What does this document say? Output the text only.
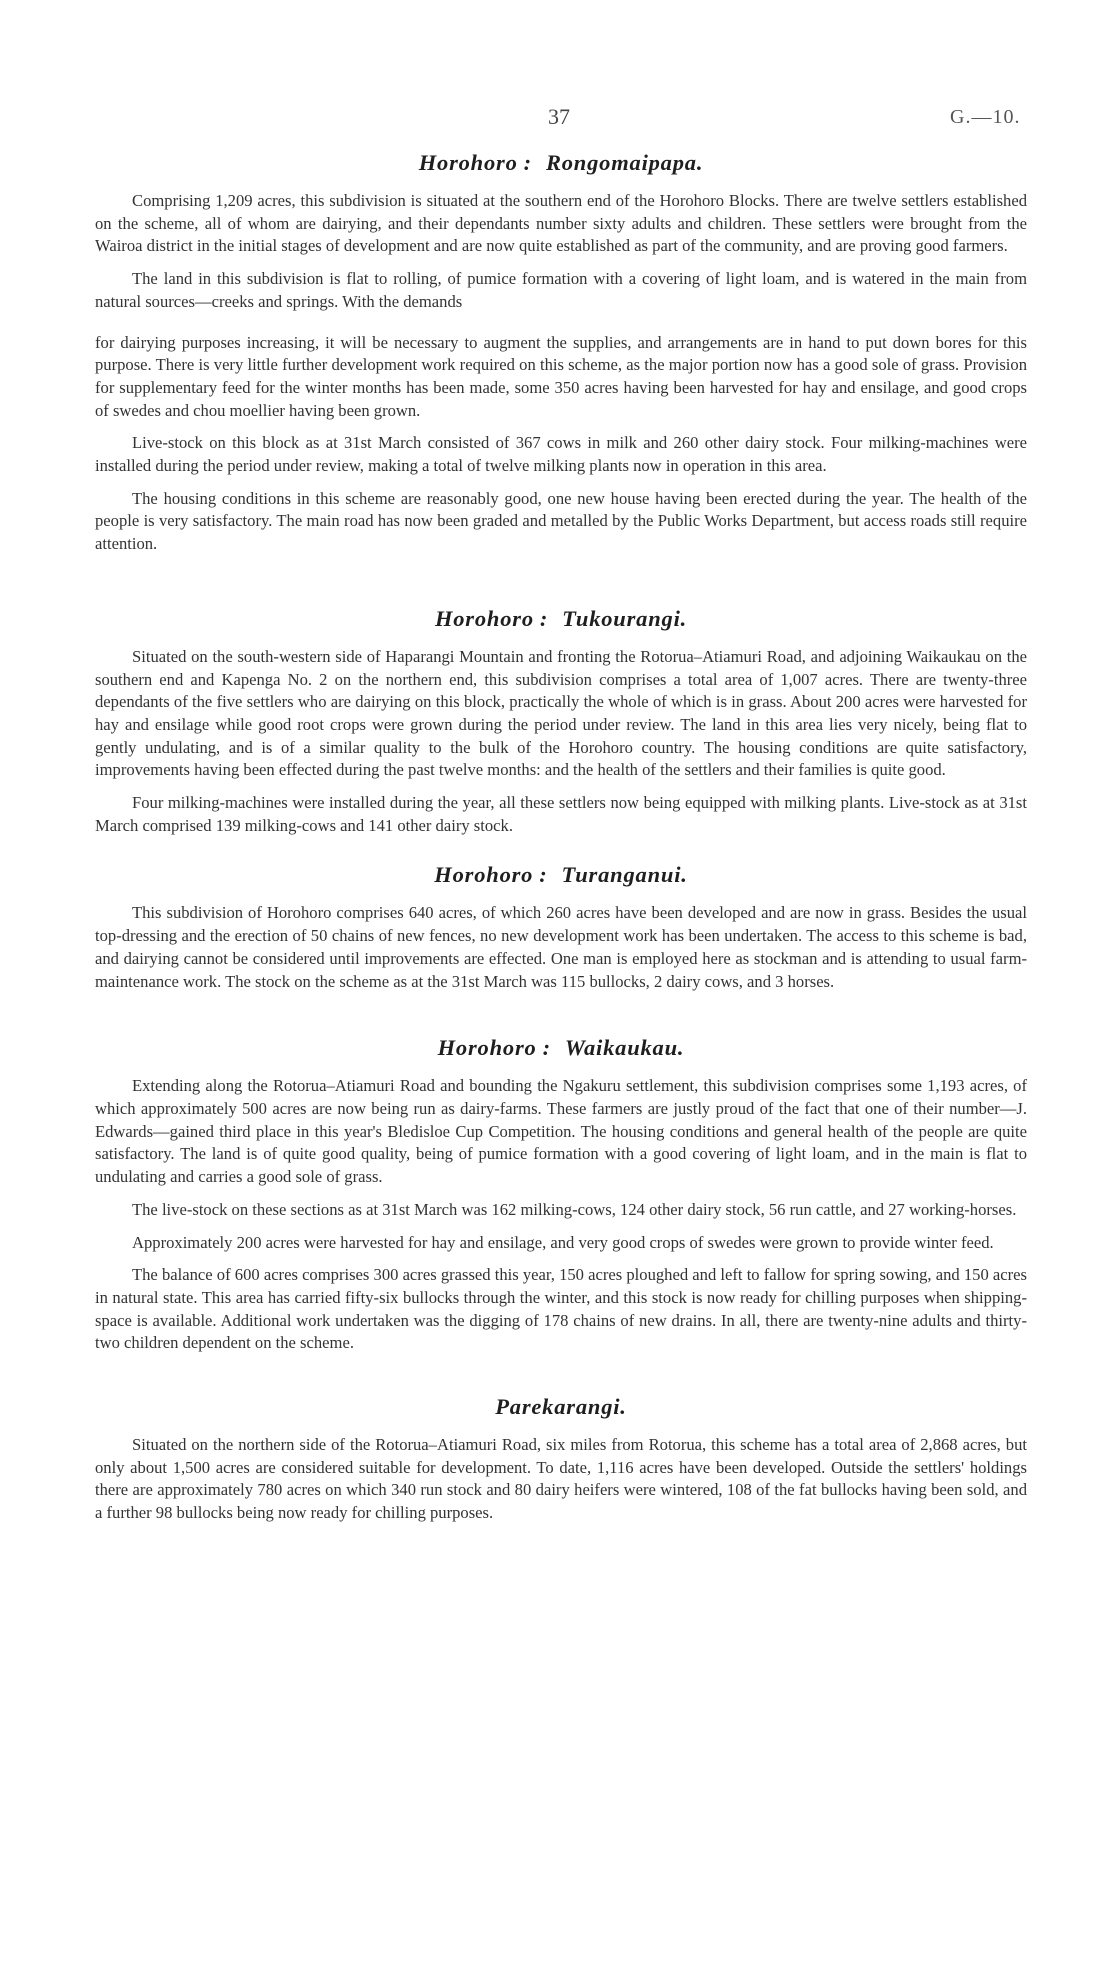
37	G.—10.
Horohoro : Rongomaipapa.

Comprising 1,209 acres, this subdivision is situated at the southern end of the Horohoro Blocks. There are twelve settlers established on the scheme, all of whom are dairying, and their dependants number sixty adults and children. These settlers were brought from the Wairoa district in the initial stages of development and are now quite established as part of the community, and are proving good farmers.

The land in this subdivision is flat to rolling, of pumice formation with a covering of light loam, and is watered in the main from natural sources—creeks and springs. With the demands

for dairying purposes increasing, it will be necessary to augment the supplies, and arrangements are in hand to put down bores for this purpose. There is very little further development work required on this scheme, as the major portion now has a good sole of grass. Provision for supplementary feed for the winter months has been made, some 350 acres having been harvested for hay and ensilage, and good crops of swedes and chou moellier having been grown.

Live-stock on this block as at 31st March consisted of 367 cows in milk and 260 other dairy stock. Four milking-machines were installed during the period under review, making a total of twelve milking plants now in operation in this area.

The housing conditions in this scheme are reasonably good, one new house having been erected during the year. The health of the people is very satisfactory. The main road has now been graded and metalled by the Public Works Department, but access roads still require attention.

Horohoro : Tukourangi.

Situated on the south-western side of Haparangi Mountain and fronting the Rotorua–Atiamuri Road, and adjoining Waikaukau on the southern end and Kapenga No. 2 on the northern end, this subdivision comprises a total area of 1,007 acres. There are twenty-three dependants of the five settlers who are dairying on this block, practically the whole of which is in grass. About 200 acres were harvested for hay and ensilage while good root crops were grown during the period under review. The land in this area lies very nicely, being flat to gently undulating, and is of a similar quality to the bulk of the Horohoro country. The housing conditions are quite satisfactory, improvements having been effected during the past twelve months: and the health of the settlers and their families is quite good.

Four milking-machines were installed during the year, all these settlers now being equipped with milking plants. Live-stock as at 31st March comprised 139 milking-cows and 141 other dairy stock.

Horohoro : Turanganui.

This subdivision of Horohoro comprises 640 acres, of which 260 acres have been developed and are now in grass. Besides the usual top-dressing and the erection of 50 chains of new fences, no new development work has been undertaken. The access to this scheme is bad, and dairying cannot be considered until improvements are effected. One man is employed here as stockman and is attending to usual farm-maintenance work. The stock on the scheme as at the 31st March was 115 bullocks, 2 dairy cows, and 3 horses.

Horohoro : Waikaukau.

Extending along the Rotorua–Atiamuri Road and bounding the Ngakuru settlement, this subdivision comprises some 1,193 acres, of which approximately 500 acres are now being run as dairy-farms. These farmers are justly proud of the fact that one of their number—J. Edwards—gained third place in this year's Bledisloe Cup Competition. The housing conditions and general health of the people are quite satisfactory. The land is of quite good quality, being of pumice formation with a good covering of light loam, and in the main is flat to undulating and carries a good sole of grass.

The live-stock on these sections as at 31st March was 162 milking-cows, 124 other dairy stock, 56 run cattle, and 27 working-horses.

Approximately 200 acres were harvested for hay and ensilage, and very good crops of swedes were grown to provide winter feed.

The balance of 600 acres comprises 300 acres grassed this year, 150 acres ploughed and left to fallow for spring sowing, and 150 acres in natural state. This area has carried fifty-six bullocks through the winter, and this stock is now ready for chilling purposes when shipping-space is available. Additional work undertaken was the digging of 178 chains of new drains. In all, there are twenty-nine adults and thirty-two children dependent on the scheme.

Parekarangi.

Situated on the northern side of the Rotorua–Atiamuri Road, six miles from Rotorua, this scheme has a total area of 2,868 acres, but only about 1,500 acres are considered suitable for development. To date, 1,116 acres have been developed. Outside the settlers' holdings there are approximately 780 acres on which 340 run stock and 80 dairy heifers were wintered, 108 of the fat bullocks having been sold, and a further 98 bullocks being now ready for chilling purposes.
